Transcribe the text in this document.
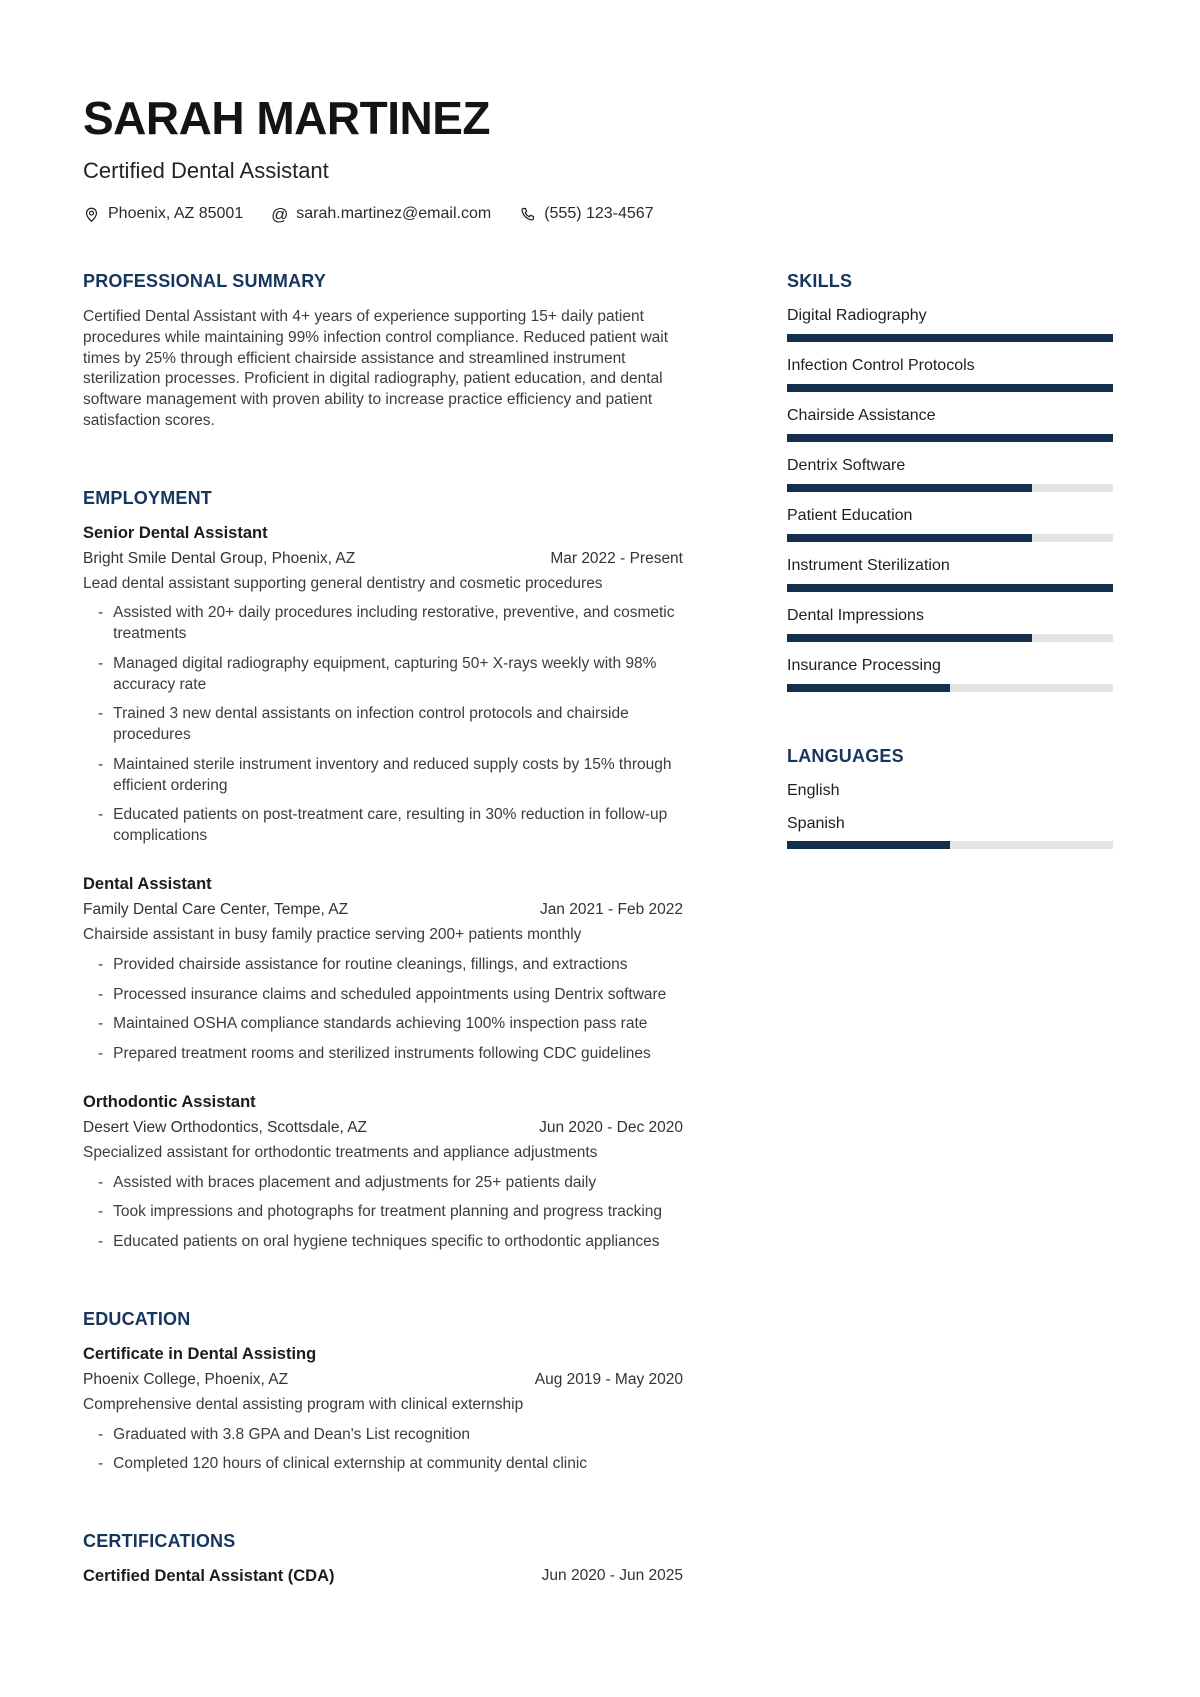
SARAH MARTINEZ

Certified Dental Assistant

Phoenix, AZ 85001 @ sarah.martinez@email.com	(555) 123-4567
PROFESSIONAL SUMMARY

Certified Dental Assistant with 4+ years of experience supporting 15+ daily patient procedures while maintaining 99% infection control compliance. Reduced patient wait times by 25% through efficient chairside assistance and streamlined instrument sterilization processes. Proficient in digital radiography, patient education, and dental software management with proven ability to increase practice efficiency and patient satisfaction scores.

EMPLOYMENT
Senior Dental Assistant
Bright Smile Dental Group, Phoenix, AZ	Mar 2022 - Present

Lead dental assistant supporting general dentistry and cosmetic procedures

- Assisted with 20+ daily procedures including restorative, preventive, and cosmetic treatments
- Managed digital radiography equipment, capturing 50+ X-rays weekly with 98% accuracy rate
- Trained 3 new dental assistants on infection control protocols and chairside procedures
- Maintained sterile instrument inventory and reduced supply costs by 15% through efficient ordering
- Educated patients on post-treatment care, resulting in 30% reduction in follow-up complications
Dental Assistant
Family Dental Care Center, Tempe, AZ	Jan 2021 - Feb 2022

Chairside assistant in busy family practice serving 200+ patients monthly

- Provided chairside assistance for routine cleanings, fillings, and extractions
- Processed insurance claims and scheduled appointments using Dentrix software
- Maintained OSHA compliance standards achieving 100% inspection pass rate
- Prepared treatment rooms and sterilized instruments following CDC guidelines
Orthodontic Assistant
Desert View Orthodontics, Scottsdale, AZ	Jun 2020 - Dec 2020

Specialized assistant for orthodontic treatments and appliance adjustments

- Assisted with braces placement and adjustments for 25+ patients daily
- Took impressions and photographs for treatment planning and progress tracking
- Educated patients on oral hygiene techniques specific to orthodontic appliances
EDUCATION
Certificate in Dental Assisting
Phoenix College, Phoenix, AZ	Aug 2019 - May 2020

Comprehensive dental assisting program with clinical externship

- Graduated with 3.8 GPA and Dean's List recognition
- Completed 120 hours of clinical externship at community dental clinic
CERTIFICATIONS
Certified Dental Assistant (CDA)	Jun 2020 - Jun 2025
SKILLS

Digital Radiography

Infection Control Protocols

Chairside Assistance

Dentrix Software

Patient Education

Instrument Sterilization

Dental Impressions

Insurance Processing

LANGUAGES

English

Spanish
